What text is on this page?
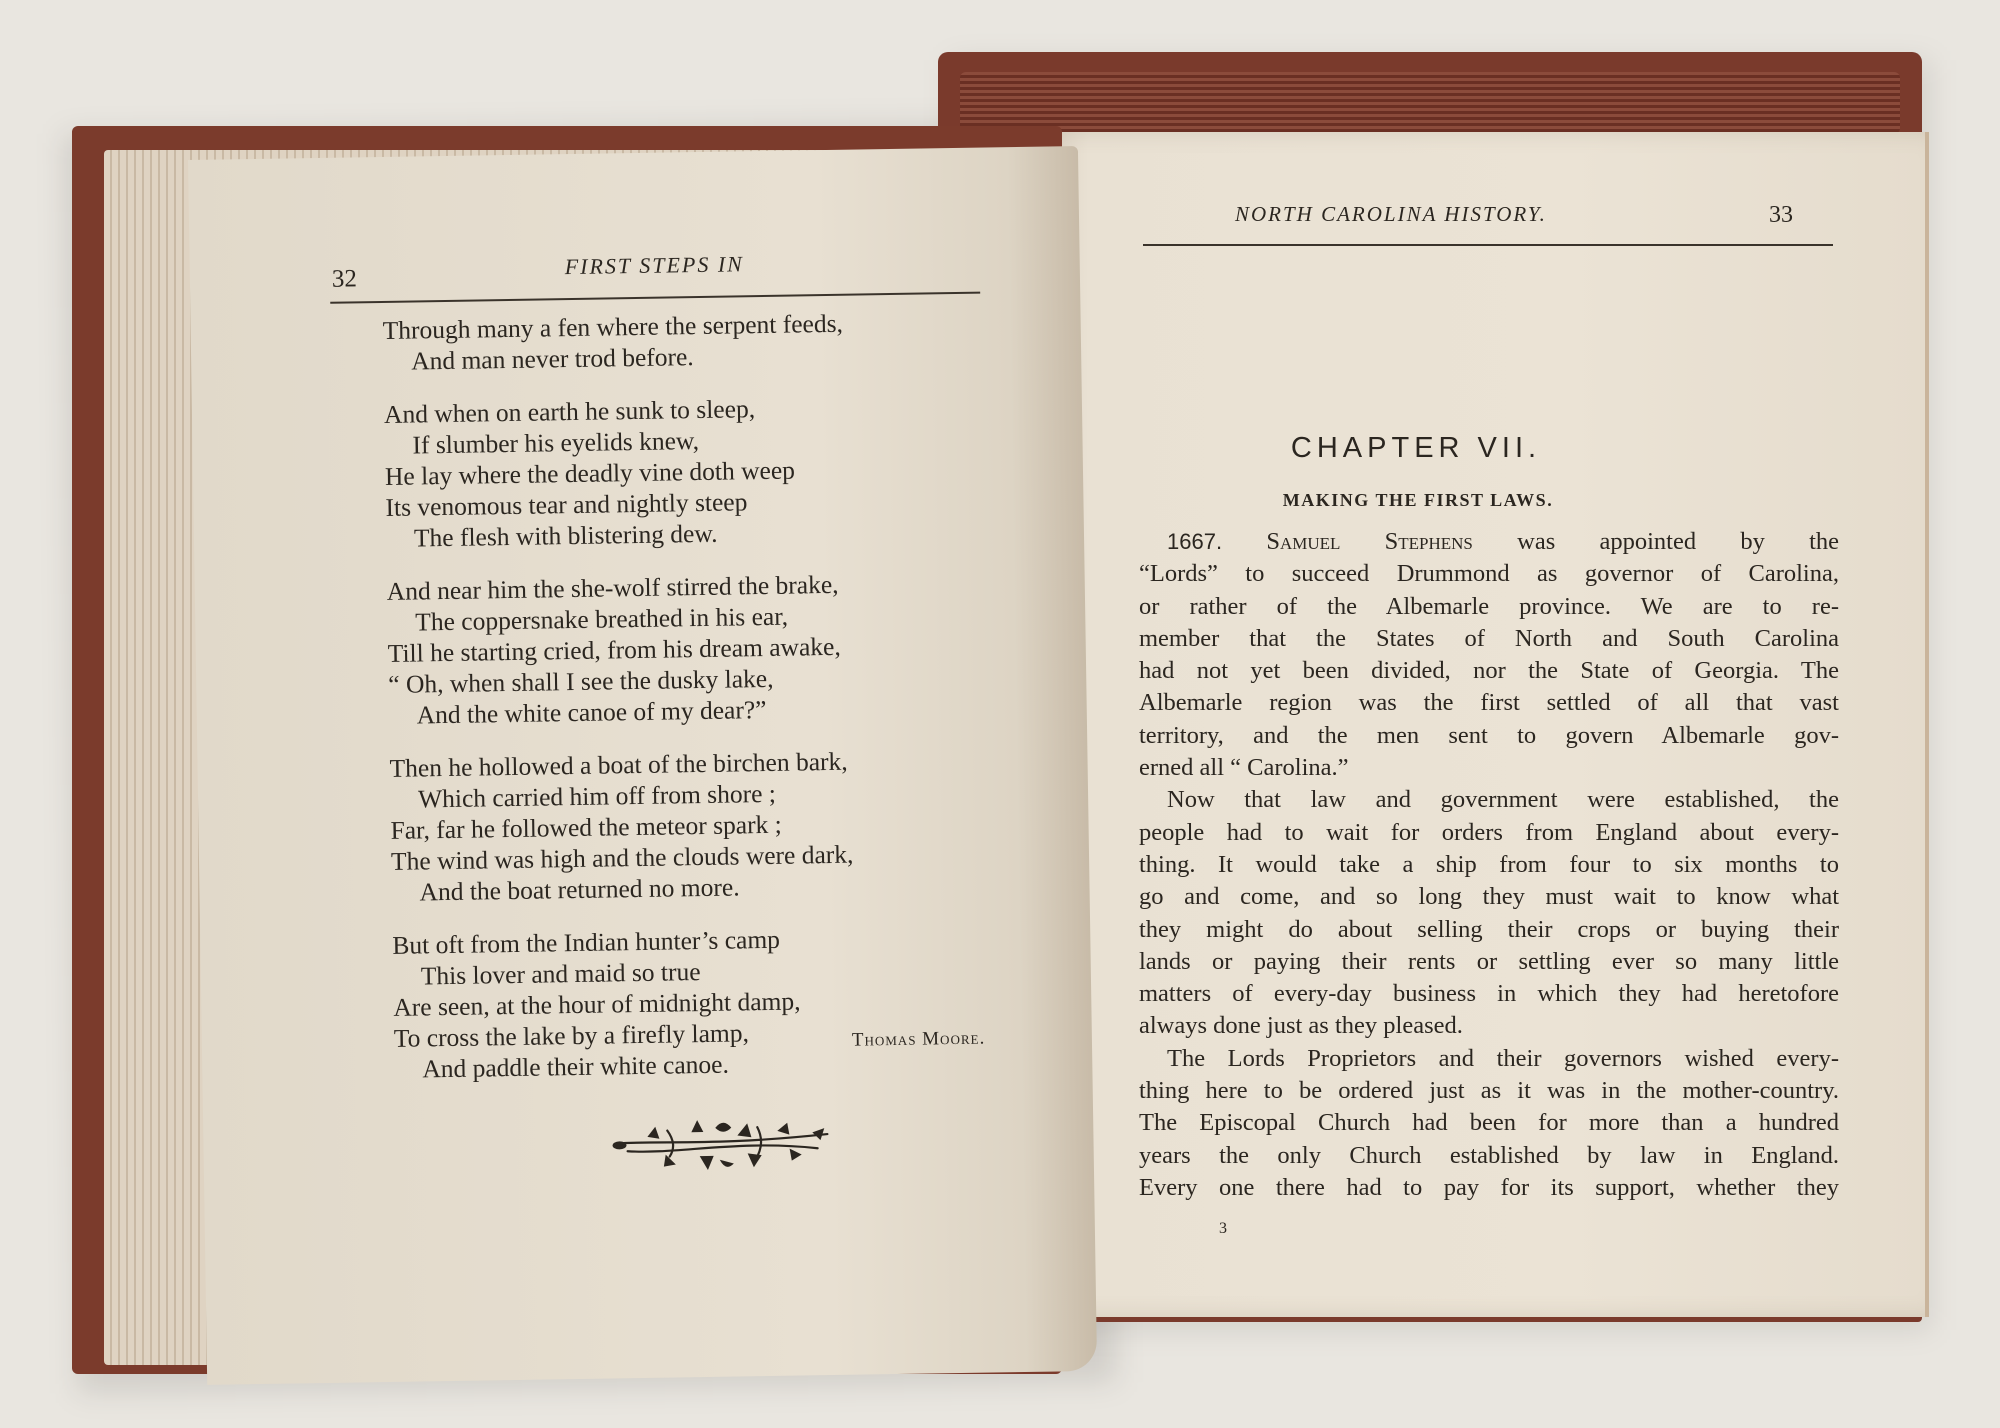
NORTH CAROLINA HISTORY.	33
CHAPTER VII.
MAKING THE FIRST LAWS.
1667. Samuel Stephens was appointed by the
“Lords” to succeed Drummond as governor of Carolina,
or rather of the Albemarle province. We are to re-
member that the States of North and South Carolina
had not yet been divided, nor the State of Georgia. The
Albemarle region was the first settled of all that vast
territory, and the men sent to govern Albemarle gov-
erned all “ Carolina.”
Now that law and government were established, the
people had to wait for orders from England about every-
thing. It would take a ship from four to six months to
go and come, and so long they must wait to know what
they might do about selling their crops or buying their
lands or paying their rents or settling ever so many little
matters of every-day business in which they had heretofore
always done just as they pleased.
The Lords Proprietors and their governors wished every-
thing here to be ordered just as it was in the mother-country.
The Episcopal Church had been for more than a hundred
years the only Church established by law in England.
Every one there had to pay for its support, whether they
3
32	FIRST STEPS IN
Through many a fen where the serpent feeds,
And man never trod before.
And when on earth he sunk to sleep,
If slumber his eyelids knew,
He lay where the deadly vine doth weep
Its venomous tear and nightly steep
The flesh with blistering dew.
And near him the she-wolf stirred the brake,
The coppersnake breathed in his ear,
Till he starting cried, from his dream awake,
“ Oh, when shall I see the dusky lake,
And the white canoe of my dear?”
Then he hollowed a boat of the birchen bark,
Which carried him off from shore ;
Far, far he followed the meteor spark ;
The wind was high and the clouds were dark,
And the boat returned no more.
But oft from the Indian hunter’s camp
This lover and maid so true
Are seen, at the hour of midnight damp,
To cross the lake by a firefly lamp,
And paddle their white canoe.
Thomas Moore.
